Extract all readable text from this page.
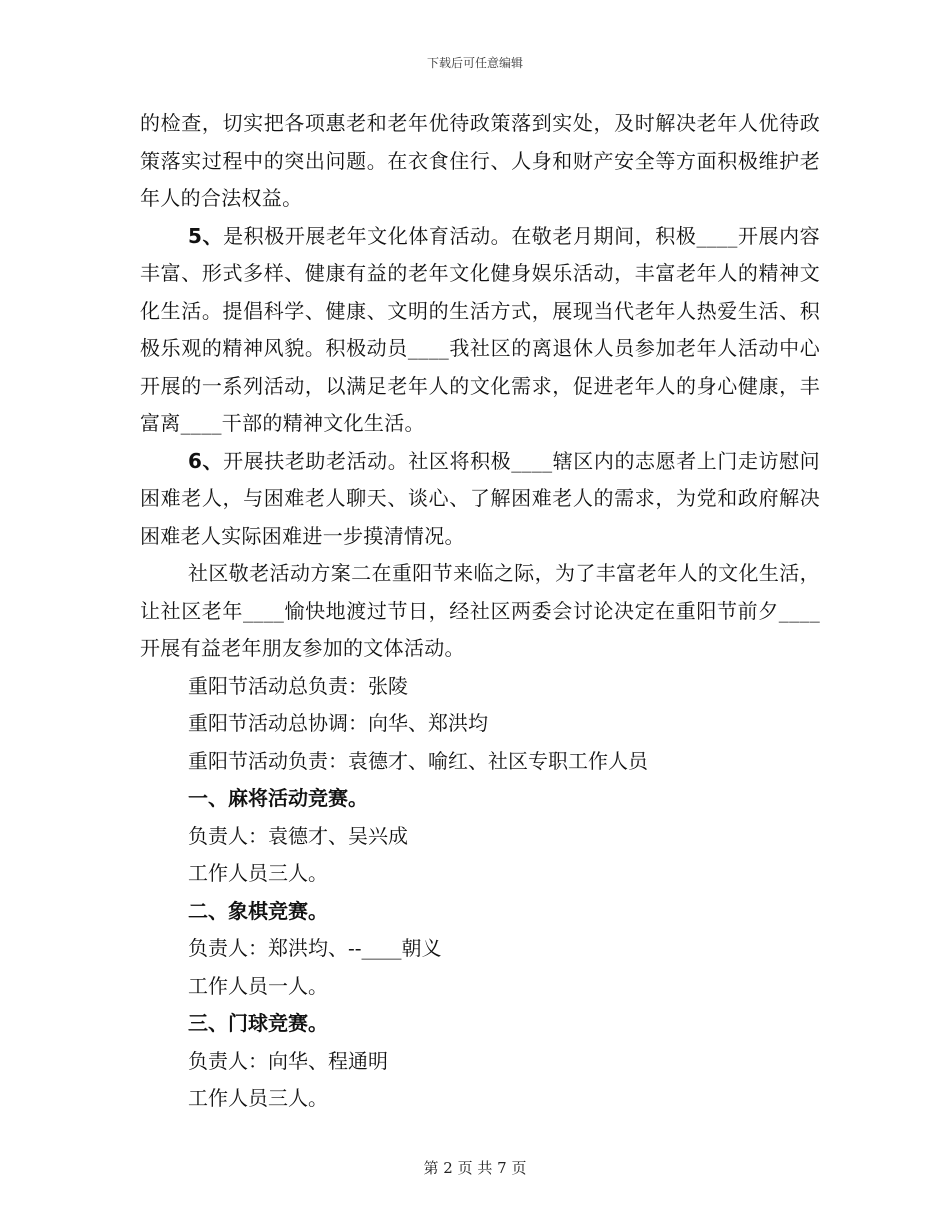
下载后可任意编辑

的检查，切实把各项惠老和老年优待政策落到实处，及时解决老年人优待政策落实过程中的突出问题。在衣食住行、人身和财产安全等方面积极维护老年人的合法权益。

5、是积极开展老年文化体育活动。在敬老月期间，积极____开展内容丰富、形式多样、健康有益的老年文化健身娱乐活动，丰富老年人的精神文化生活。提倡科学、健康、文明的生活方式，展现当代老年人热爱生活、积极乐观的精神风貌。积极动员____我社区的离退休人员参加老年人活动中心开展的一系列活动，以满足老年人的文化需求，促进老年人的身心健康，丰富离____干部的精神文化生活。

6、开展扶老助老活动。社区将积极____辖区内的志愿者上门走访慰问困难老人，与困难老人聊天、谈心、了解困难老人的需求，为党和政府解决困难老人实际困难进一步摸清情况。

社区敬老活动方案二在重阳节来临之际，为了丰富老年人的文化生活，让社区老年____愉快地渡过节日，经社区两委会讨论决定在重阳节前夕____开展有益老年朋友参加的文体活动。

重阳节活动总负责：张陵

重阳节活动总协调：向华、郑洪均

重阳节活动负责：袁德才、喻红、社区专职工作人员

一、麻将活动竞赛。

负责人：袁德才、吴兴成

工作人员三人。

二、象棋竞赛。

负责人：郑洪均、--____朝义

工作人员一人。

三、门球竞赛。

负责人：向华、程通明

工作人员三人。

第 2 页 共 7 页
